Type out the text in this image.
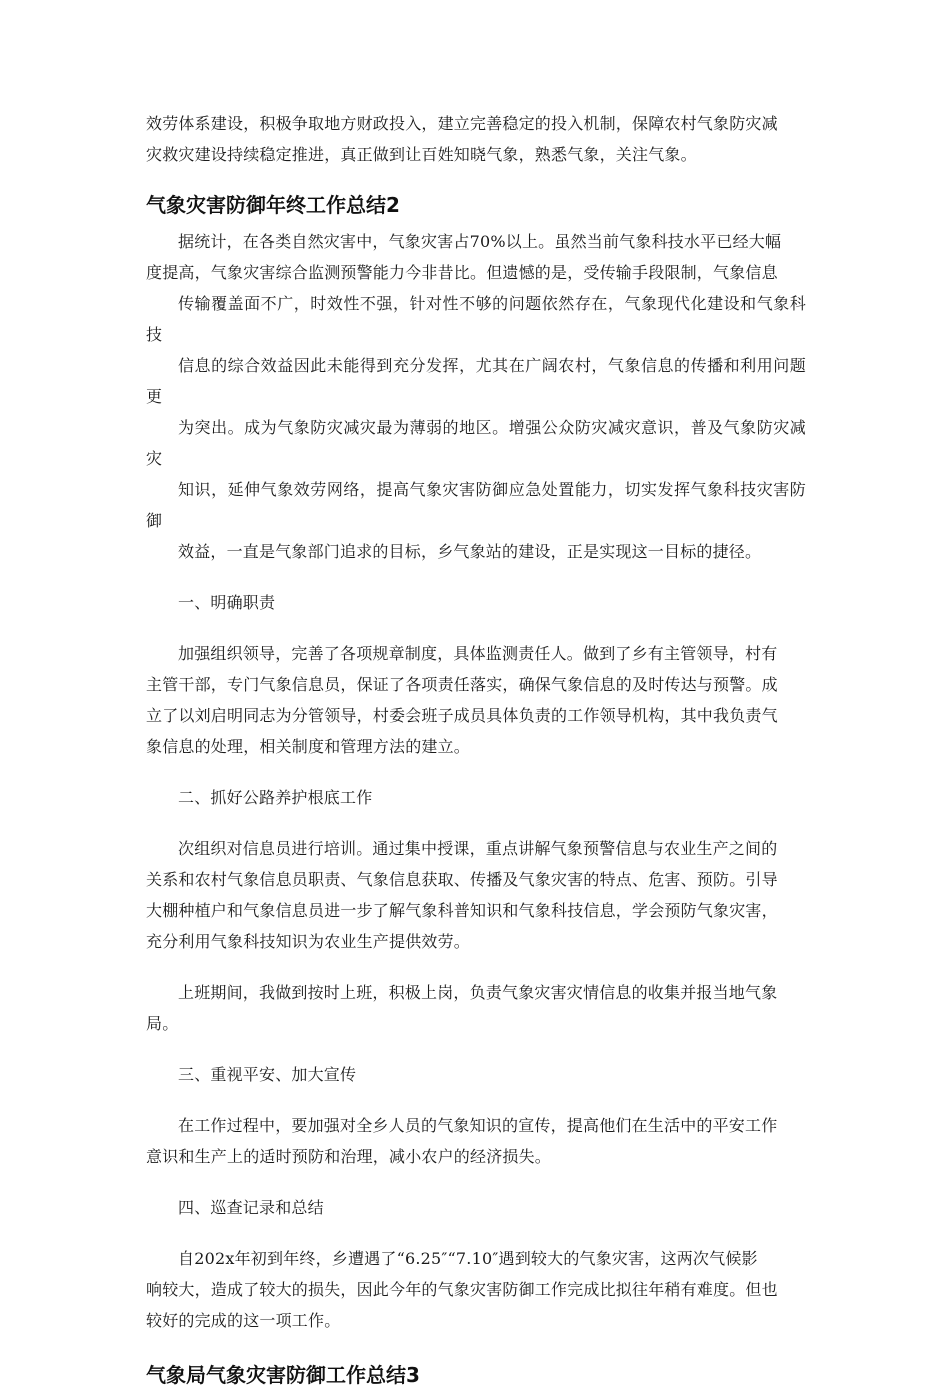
效劳体系建设，积极争取地方财政投入，建立完善稳定的投入机制，保障农村气象防灾减
灾救灾建设持续稳定推进，真正做到让百姓知晓气象，熟悉气象，关注气象。

气象灾害防御年终工作总结2

据统计，在各类自然灾害中，气象灾害占70%以上。虽然当前气象科技水平已经大幅
度提高，气象灾害综合监测预警能力今非昔比。但遗憾的是，受传输手段限制，气象信息
传输覆盖面不广，时效性不强，针对性不够的问题依然存在，气象现代化建设和气象科技
信息的综合效益因此未能得到充分发挥，尤其在广阔农村，气象信息的传播和利用问题更
为突出。成为气象防灾减灾最为薄弱的地区。增强公众防灾减灾意识，普及气象防灾减灾
知识，延伸气象效劳网络，提高气象灾害防御应急处置能力，切实发挥气象科技灾害防御
效益，一直是气象部门追求的目标，乡气象站的建设，正是实现这一目标的捷径。

一、明确职责

加强组织领导，完善了各项规章制度，具体监测责任人。做到了乡有主管领导，村有
主管干部，专门气象信息员，保证了各项责任落实，确保气象信息的及时传达与预警。成
立了以刘启明同志为分管领导，村委会班子成员具体负责的工作领导机构，其中我负责气
象信息的处理，相关制度和管理方法的建立。

二、抓好公路养护根底工作

次组织对信息员进行培训。通过集中授课，重点讲解气象预警信息与农业生产之间的
关系和农村气象信息员职责、气象信息获取、传播及气象灾害的特点、危害、预防。引导
大棚种植户和气象信息员进一步了解气象科普知识和气象科技信息，学会预防气象灾害，
充分利用气象科技知识为农业生产提供效劳。

上班期间，我做到按时上班，积极上岗，负责气象灾害灾情信息的收集并报当地气象
局。

三、重视平安、加大宣传

在工作过程中，要加强对全乡人员的气象知识的宣传，提高他们在生活中的平安工作
意识和生产上的适时预防和治理，减小农户的经济损失。

四、巡查记录和总结

自202x年初到年终，乡遭遇了“6.25″“7.10″遇到较大的气象灾害，这两次气候影
响较大，造成了较大的损失，因此今年的气象灾害防御工作完成比拟往年稍有难度。但也
较好的完成的这一项工作。

气象局气象灾害防御工作总结3
